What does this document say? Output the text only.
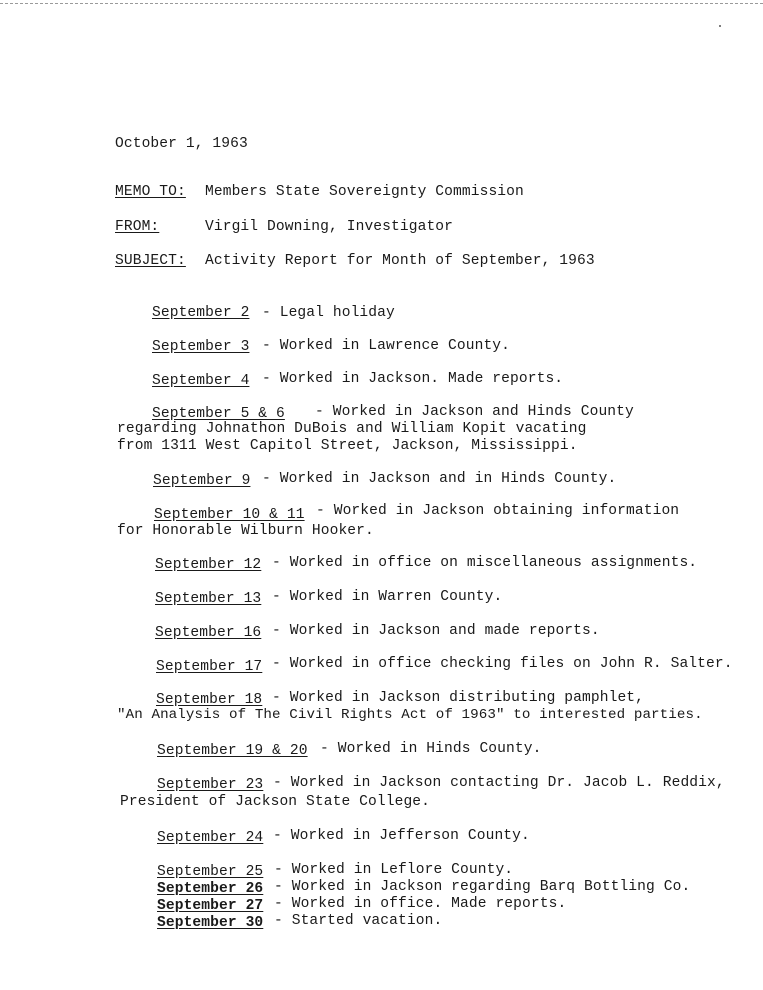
October 1, 1963
MEMO TO: Members State Sovereignty Commission
FROM:	Virgil Downing, Investigator
SUBJECT: Activity Report for Month of September, 1963
September 2 - Legal holiday
September 3 - Worked in Lawrence County.
September 4 - Worked in Jackson. Made reports.
September 5 & 6 - Worked in Jackson and Hinds County
regarding Johnathon DuBois and William Kopit vacating
from 1311 West Capitol Street, Jackson, Mississippi.
September 9 - Worked in Jackson and in Hinds County.
September 10 & 11 - Worked in Jackson obtaining information
for Honorable Wilburn Hooker.
September 12 - Worked in office on miscellaneous assignments.
September 13 - Worked in Warren County.
September 16 - Worked in Jackson and made reports.
September 17 - Worked in office checking files on John R. Salter.
September 18 - Worked in Jackson distributing pamphlet,
"An Analysis of The Civil Rights Act of 1963" to interested parties.
September 19 & 20 - Worked in Hinds County.
September 23 - Worked in Jackson contacting Dr. Jacob L. Reddix,
President of Jackson State College.
September 24 - Worked in Jefferson County.
September 25 - Worked in Leflore County.
September 26 - Worked in Jackson regarding Barq Bottling Co.
September 27 - Worked in office. Made reports.
September 30 - Started vacation.
